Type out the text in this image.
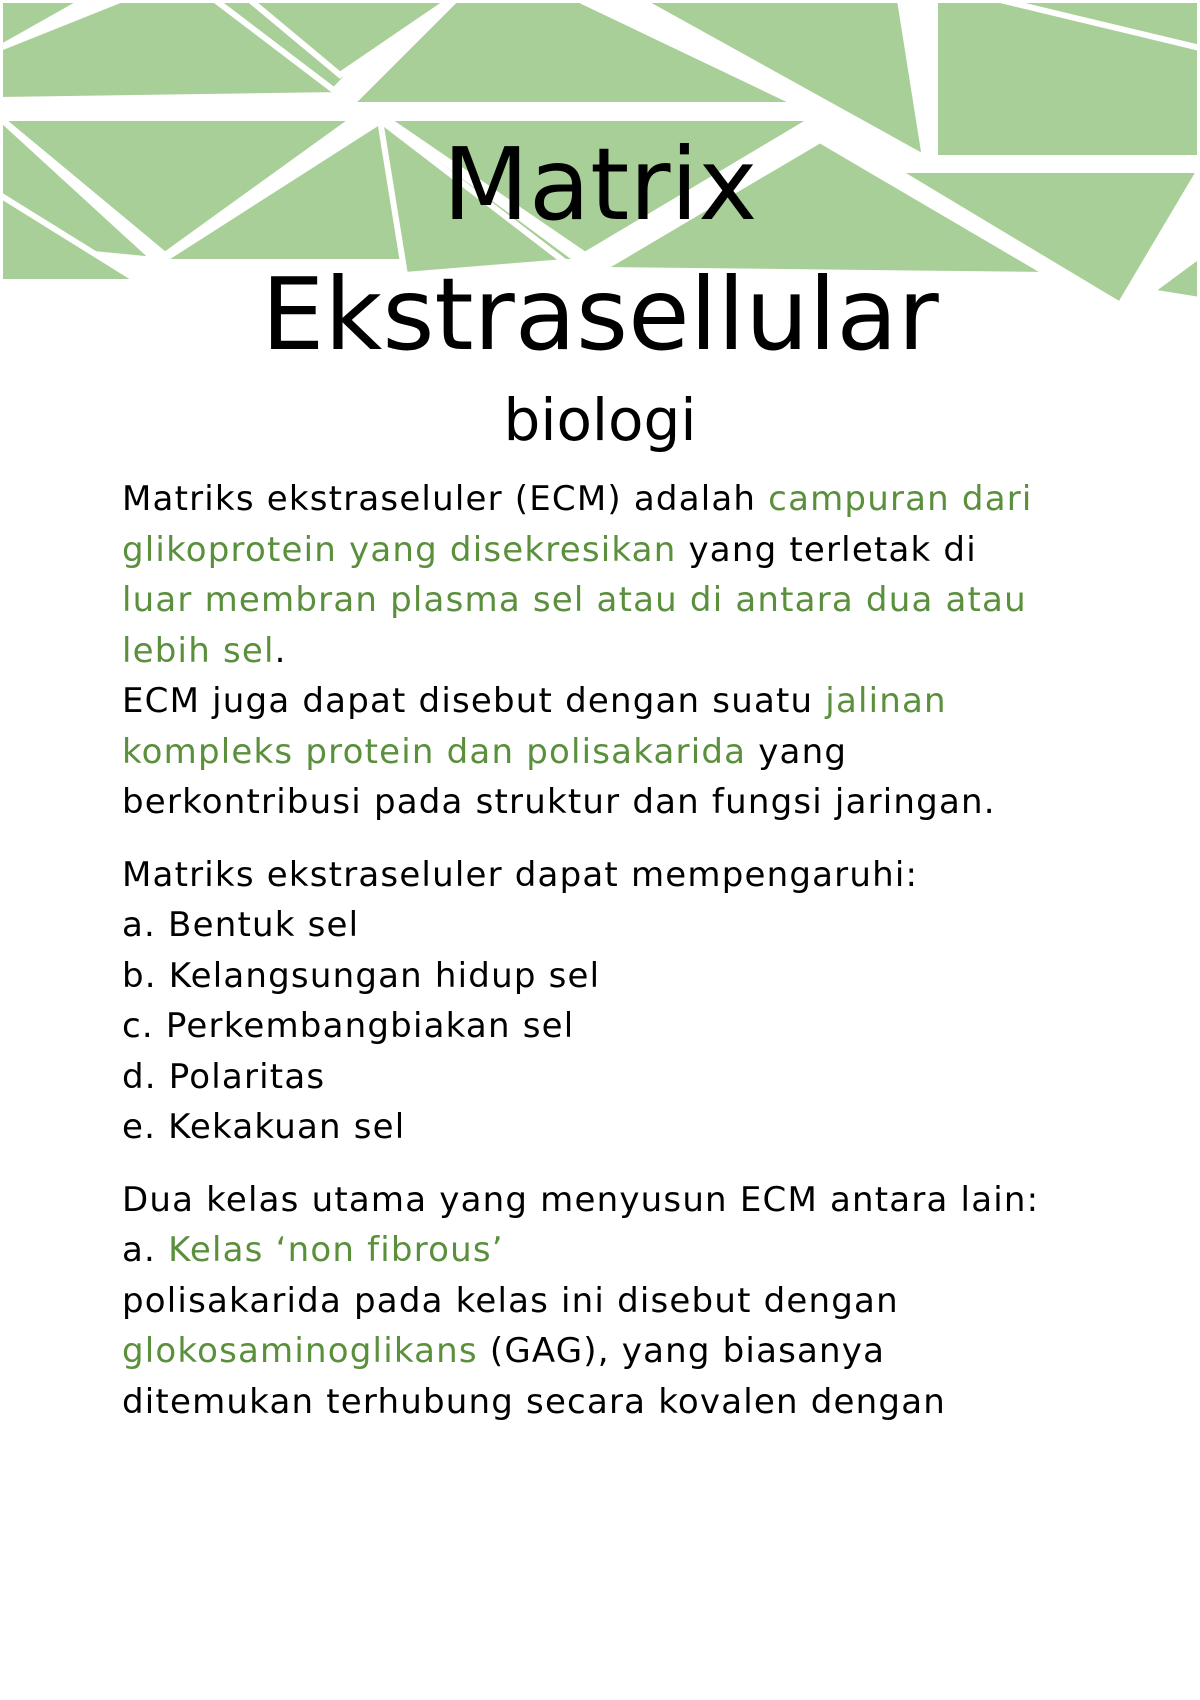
Matrix
Ekstrasellular
biologi

Matriks ekstraseluler (ECM) adalah campuran dari glikoprotein yang disekresikan yang terletak di luar membran plasma sel atau di antara dua atau lebih sel.

ECM juga dapat disebut dengan suatu jalinan kompleks protein dan polisakarida yang berkontribusi pada struktur dan fungsi jaringan.

Matriks ekstraseluler dapat mempengaruhi:

a. Bentuk sel

b. Kelangsungan hidup sel

c. Perkembangbiakan sel

d. Polaritas

e. Kekakuan sel

Dua kelas utama yang menyusun ECM antara lain:

a. Kelas ‘non fibrous’

polisakarida pada kelas ini disebut dengan glokosaminoglikans (GAG), yang biasanya ditemukan terhubung secara kovalen dengan
